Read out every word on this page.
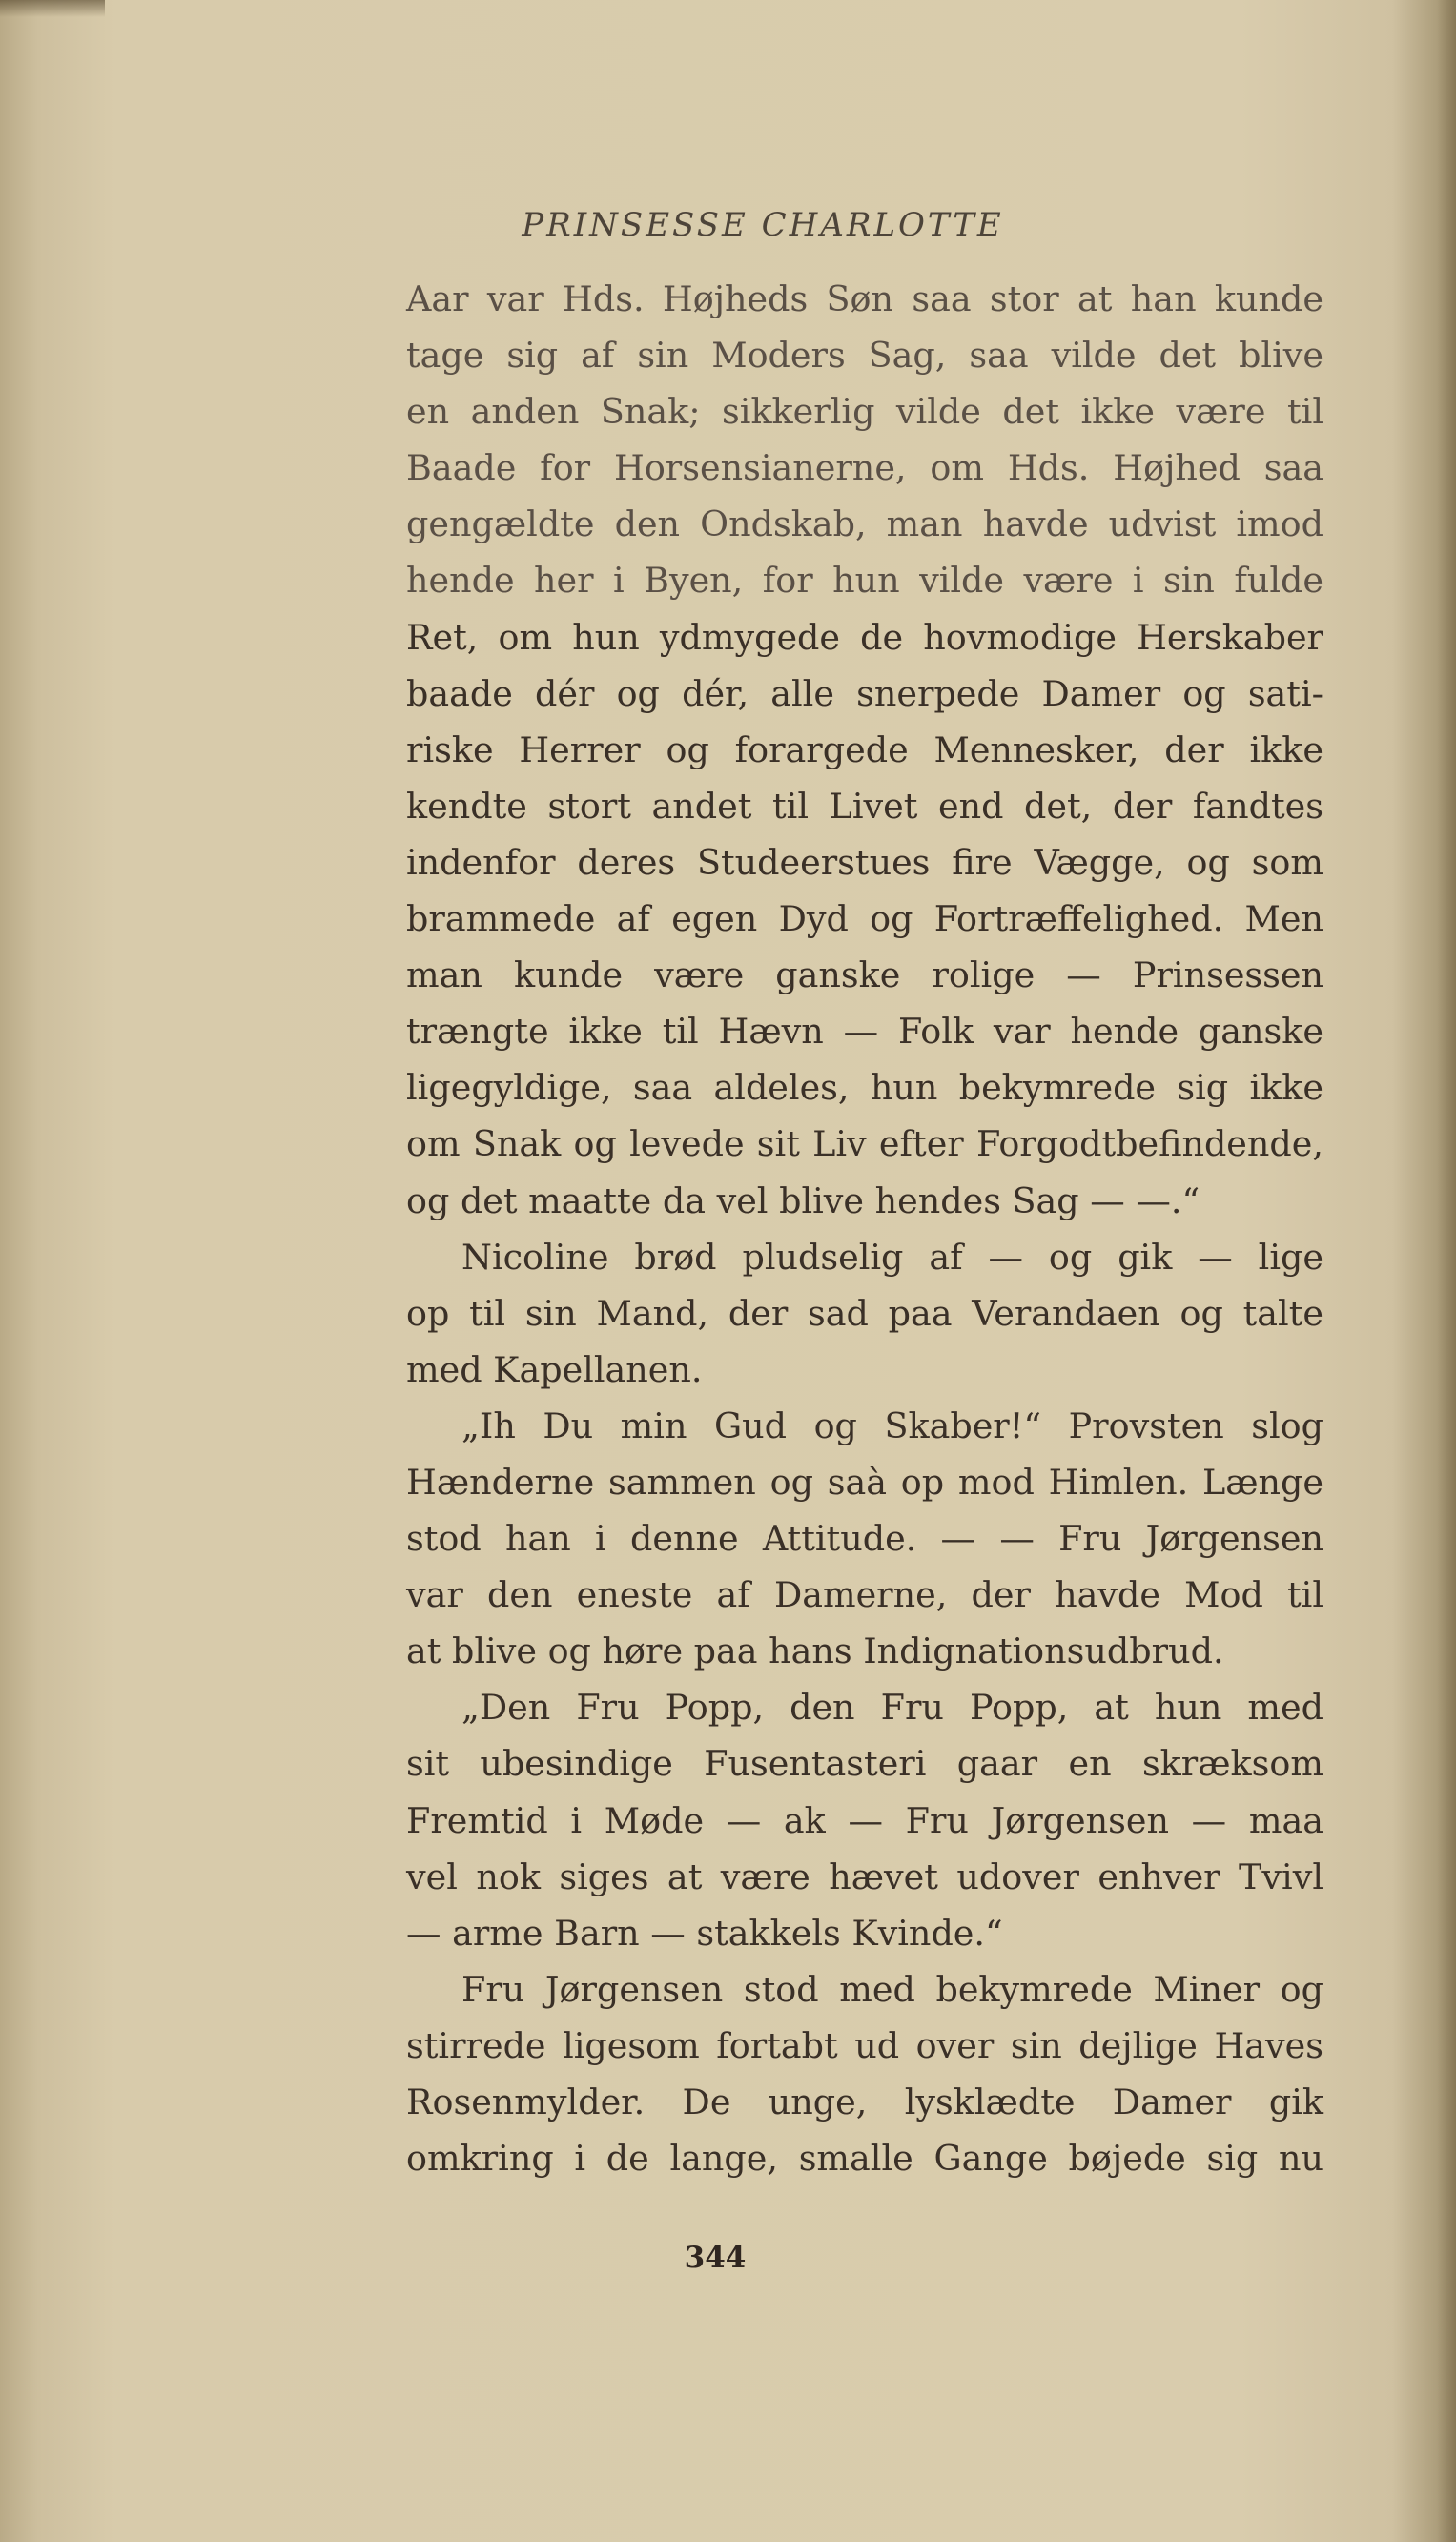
PRINSESSE CHARLOTTE
Aar var Hds. Højheds Søn saa stor at han kunde
tage sig af sin Moders Sag, saa vilde det blive
en anden Snak; sikkerlig vilde det ikke være til
Baade for Horsensianerne, om Hds. Højhed saa
gengældte den Ondskab, man havde udvist imod
hende her i Byen, for hun vilde være i sin fulde
Ret, om hun ydmygede de hovmodige Herskaber
baade dér og dér, alle snerpede Damer og sati-
riske Herrer og forargede Mennesker, der ikke
kendte stort andet til Livet end det, der fandtes
indenfor deres Studeerstues fire Vægge, og som
brammede af egen Dyd og Fortræffelighed. Men
man kunde være ganske rolige — Prinsessen
trængte ikke til Hævn — Folk var hende ganske
ligegyldige, saa aldeles, hun bekymrede sig ikke
om Snak og levede sit Liv efter Forgodtbefindende,
og det maatte da vel blive hendes Sag — —.“
Nicoline brød pludselig af — og gik — lige
op til sin Mand, der sad paa Verandaen og talte
med Kapellanen.
„Ih Du min Gud og Skaber!“ Provsten slog
Hænderne sammen og saà op mod Himlen. Længe
stod han i denne Attitude. — — Fru Jørgensen
var den eneste af Damerne, der havde Mod til
at blive og høre paa hans Indignationsudbrud.
„Den Fru Popp, den Fru Popp, at hun med
sit ubesindige Fusentasteri gaar en skræksom
Fremtid i Møde — ak — Fru Jørgensen — maa
vel nok siges at være hævet udover enhver Tvivl
— arme Barn — stakkels Kvinde.“
Fru Jørgensen stod med bekymrede Miner og
stirrede ligesom fortabt ud over sin dejlige Haves
Rosenmylder. De unge, lysklædte Damer gik
omkring i de lange, smalle Gange bøjede sig nu
344
